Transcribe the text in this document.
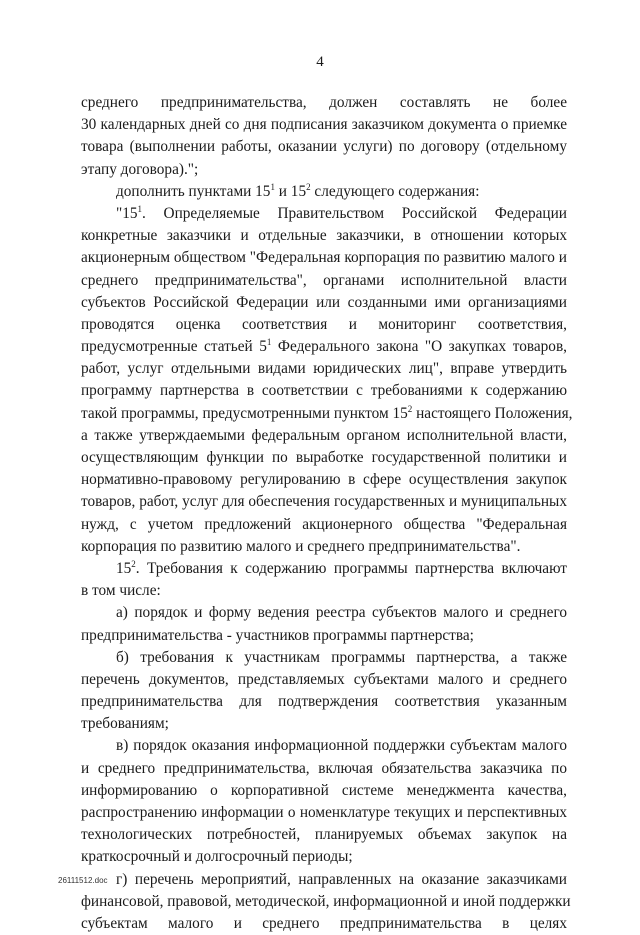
4
среднего предпринимательства, должен составлять не более
30 календарных дней со дня подписания заказчиком документа о приемке
товара (выполнении работы, оказании услуги) по договору (отдельному
этапу договора).";
дополнить пунктами $15^1$ и $15^2$ следующего содержания:
"$15^1$. Определяемые Правительством Российской Федерации
конкретные заказчики и отдельные заказчики, в отношении которых
акционерным обществом "Федеральная корпорация по развитию малого и
среднего предпринимательства", органами исполнительной власти
субъектов Российской Федерации или созданными ими организациями
проводятся оценка соответствия и мониторинг соответствия,
предусмотренные статьей $5^1$ Федерального закона "О закупках товаров,
работ, услуг отдельными видами юридических лиц", вправе утвердить
программу партнерства в соответствии с требованиями к содержанию
такой программы, предусмотренными пунктом $15^2$ настоящего Положения,
а также утверждаемыми федеральным органом исполнительной власти,
осуществляющим функции по выработке государственной политики и
нормативно-правовому регулированию в сфере осуществления закупок
товаров, работ, услуг для обеспечения государственных и муниципальных
нужд, с учетом предложений акционерного общества "Федеральная
корпорация по развитию малого и среднего предпринимательства".
$15^2$. Требования к содержанию программы партнерства включают
в том числе:
а) порядок и форму ведения реестра субъектов малого и среднего
предпринимательства - участников программы партнерства;
б) требования к участникам программы партнерства, а также
перечень документов, представляемых субъектами малого и среднего
предпринимательства для подтверждения соответствия указанным
требованиям;
в) порядок оказания информационной поддержки субъектам малого
и среднего предпринимательства, включая обязательства заказчика по
информированию о корпоративной системе менеджмента качества,
распространению информации о номенклатуре текущих и перспективных
технологических потребностей, планируемых объемах закупок на
краткосрочный и долгосрочный периоды;
г) перечень мероприятий, направленных на оказание заказчиками
финансовой, правовой, методической, информационной и иной поддержки
субъектам малого и среднего предпринимательства в целях
26111512.doc
